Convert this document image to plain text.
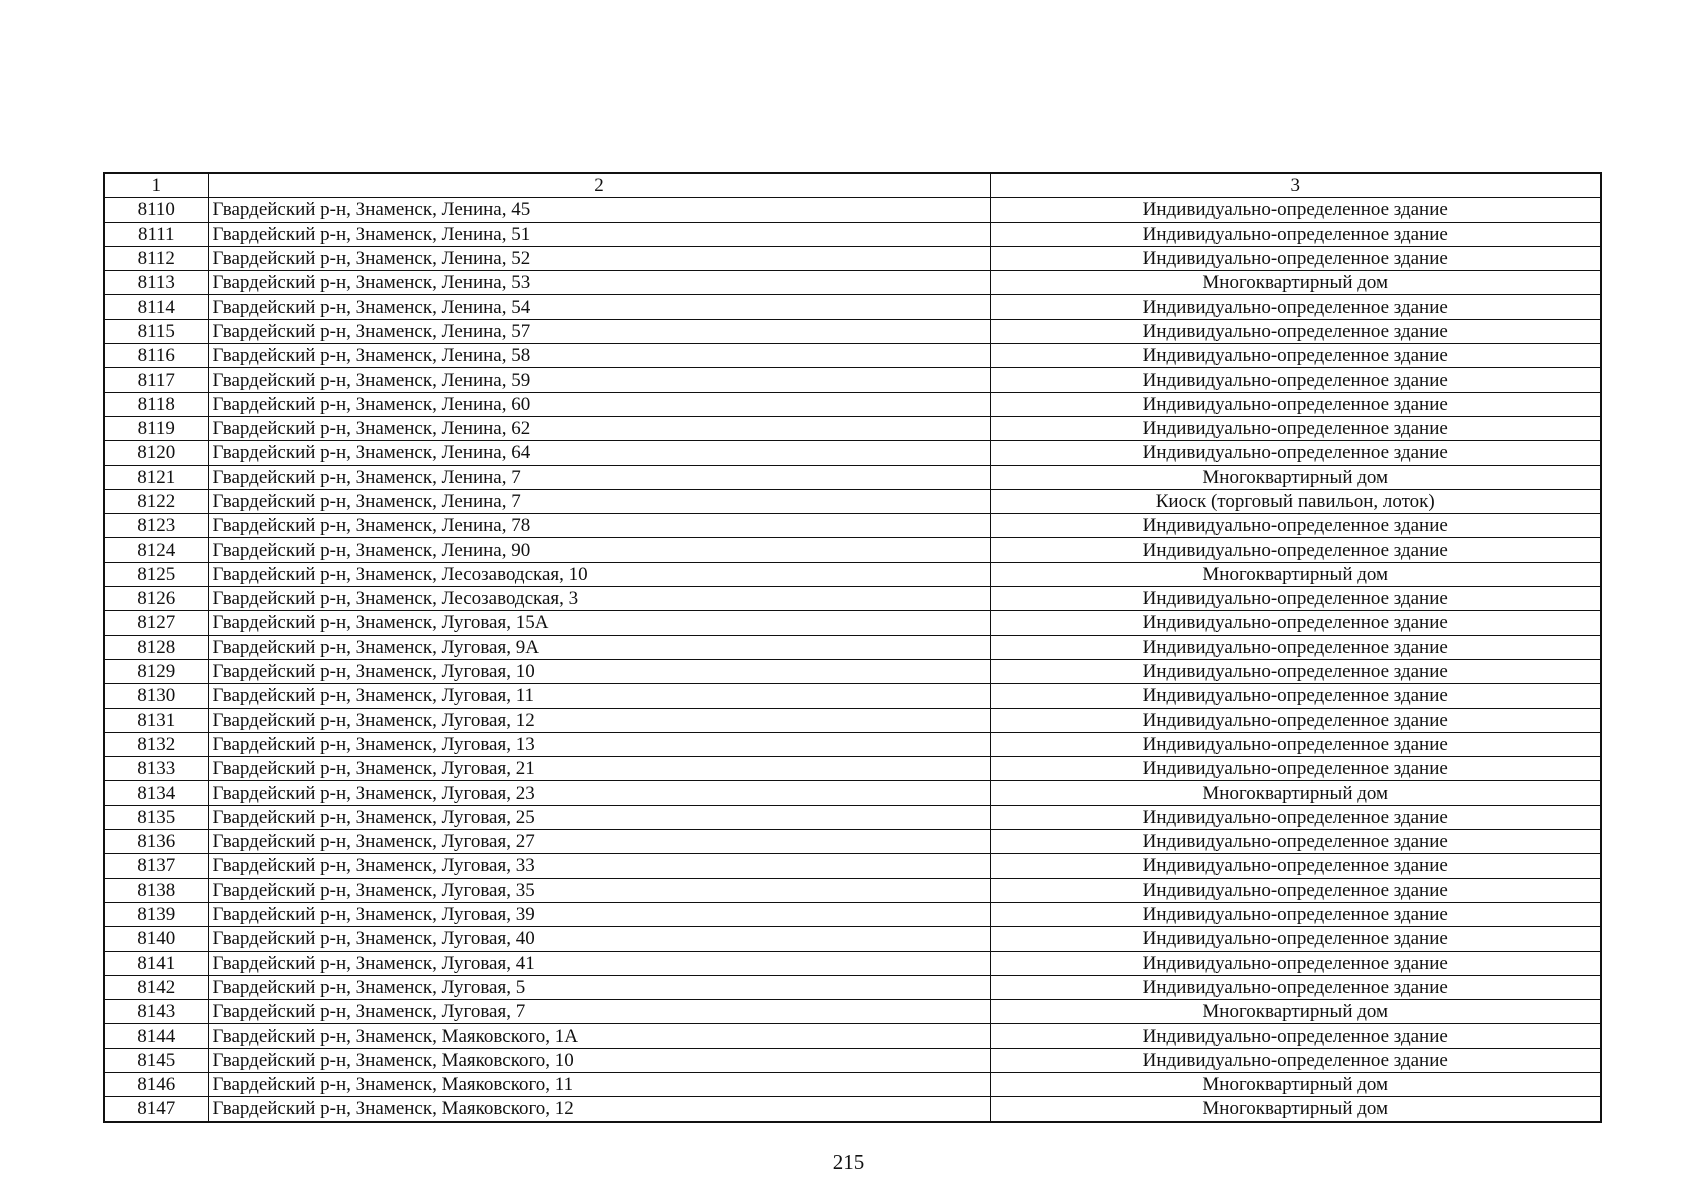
1	2	3
8110	Гвардейский р-н, Знаменск, Ленина, 45	Индивидуально-определенное здание
8111	Гвардейский р-н, Знаменск, Ленина, 51	Индивидуально-определенное здание
8112	Гвардейский р-н, Знаменск, Ленина, 52	Индивидуально-определенное здание
8113	Гвардейский р-н, Знаменск, Ленина, 53	Многоквартирный дом
8114	Гвардейский р-н, Знаменск, Ленина, 54	Индивидуально-определенное здание
8115	Гвардейский р-н, Знаменск, Ленина, 57	Индивидуально-определенное здание
8116	Гвардейский р-н, Знаменск, Ленина, 58	Индивидуально-определенное здание
8117	Гвардейский р-н, Знаменск, Ленина, 59	Индивидуально-определенное здание
8118	Гвардейский р-н, Знаменск, Ленина, 60	Индивидуально-определенное здание
8119	Гвардейский р-н, Знаменск, Ленина, 62	Индивидуально-определенное здание
8120	Гвардейский р-н, Знаменск, Ленина, 64	Индивидуально-определенное здание
8121	Гвардейский р-н, Знаменск, Ленина, 7	Многоквартирный дом
8122	Гвардейский р-н, Знаменск, Ленина, 7	Киоск (торговый павильон, лоток)
8123	Гвардейский р-н, Знаменск, Ленина, 78	Индивидуально-определенное здание
8124	Гвардейский р-н, Знаменск, Ленина, 90	Индивидуально-определенное здание
8125	Гвардейский р-н, Знаменск, Лесозаводская, 10	Многоквартирный дом
8126	Гвардейский р-н, Знаменск, Лесозаводская, 3	Индивидуально-определенное здание
8127	Гвардейский р-н, Знаменск, Луговая, 15А	Индивидуально-определенное здание
8128	Гвардейский р-н, Знаменск, Луговая, 9А	Индивидуально-определенное здание
8129	Гвардейский р-н, Знаменск, Луговая, 10	Индивидуально-определенное здание
8130	Гвардейский р-н, Знаменск, Луговая, 11	Индивидуально-определенное здание
8131	Гвардейский р-н, Знаменск, Луговая, 12	Индивидуально-определенное здание
8132	Гвардейский р-н, Знаменск, Луговая, 13	Индивидуально-определенное здание
8133	Гвардейский р-н, Знаменск, Луговая, 21	Индивидуально-определенное здание
8134	Гвардейский р-н, Знаменск, Луговая, 23	Многоквартирный дом
8135	Гвардейский р-н, Знаменск, Луговая, 25	Индивидуально-определенное здание
8136	Гвардейский р-н, Знаменск, Луговая, 27	Индивидуально-определенное здание
8137	Гвардейский р-н, Знаменск, Луговая, 33	Индивидуально-определенное здание
8138	Гвардейский р-н, Знаменск, Луговая, 35	Индивидуально-определенное здание
8139	Гвардейский р-н, Знаменск, Луговая, 39	Индивидуально-определенное здание
8140	Гвардейский р-н, Знаменск, Луговая, 40	Индивидуально-определенное здание
8141	Гвардейский р-н, Знаменск, Луговая, 41	Индивидуально-определенное здание
8142	Гвардейский р-н, Знаменск, Луговая, 5	Индивидуально-определенное здание
8143	Гвардейский р-н, Знаменск, Луговая, 7	Многоквартирный дом
8144	Гвардейский р-н, Знаменск, Маяковского, 1А	Индивидуально-определенное здание
8145	Гвардейский р-н, Знаменск, Маяковского, 10	Индивидуально-определенное здание
8146	Гвардейский р-н, Знаменск, Маяковского, 11	Многоквартирный дом
8147	Гвардейский р-н, Знаменск, Маяковского, 12	Многоквартирный дом
215
